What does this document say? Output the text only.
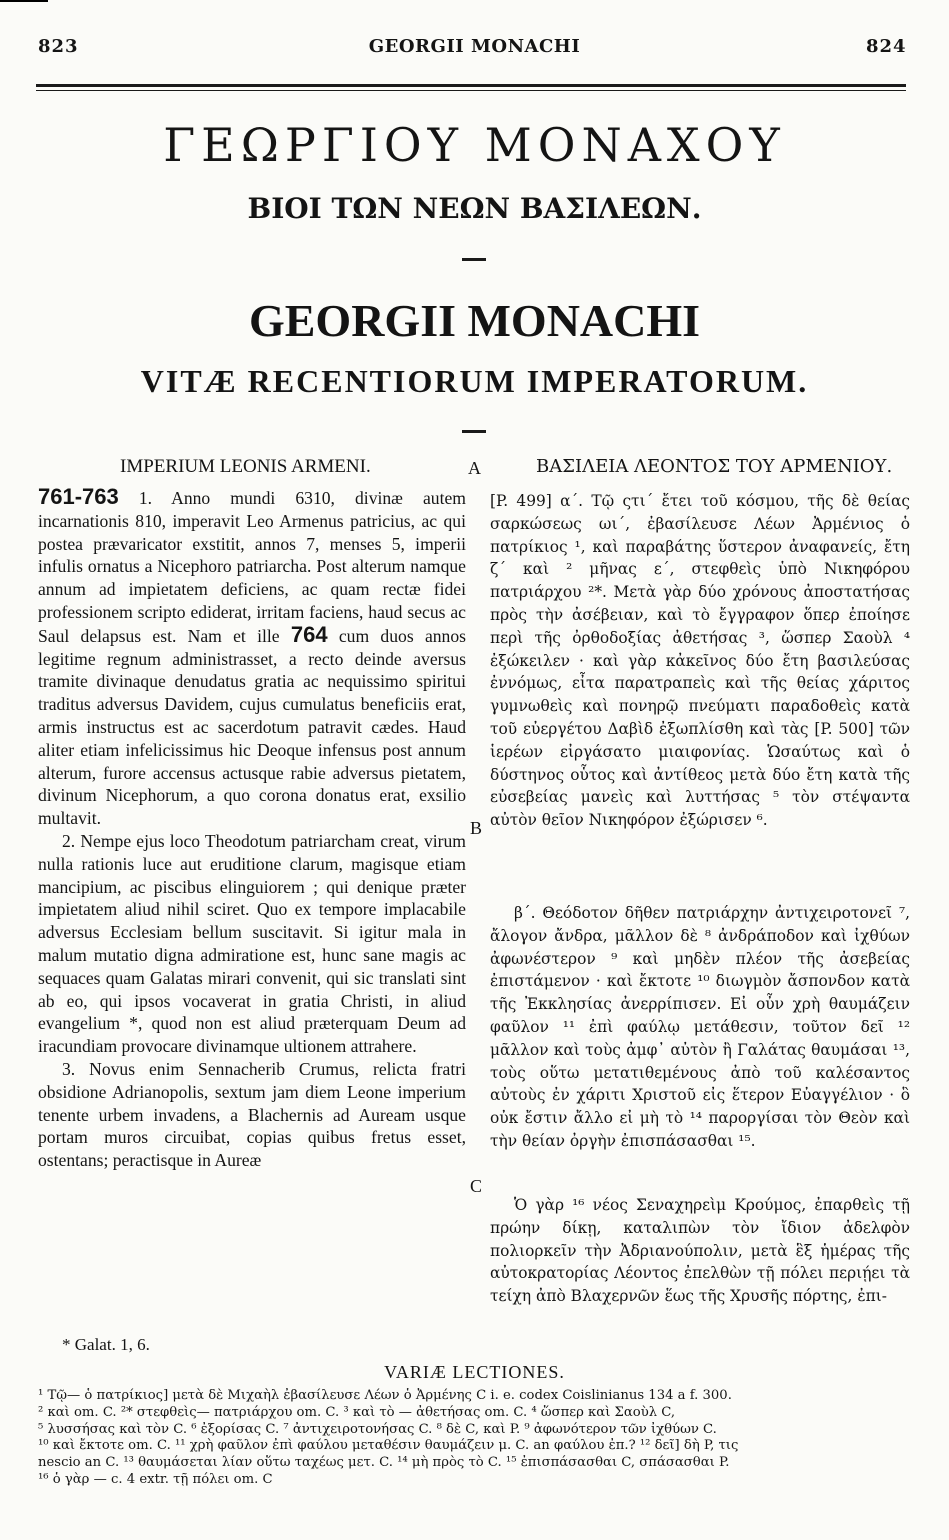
823	GEORGII MONACHI	824
ΓΕΩΡΓΙΟΥ ΜΟΝΑΧΟΥ
ΒΙΟΙ ΤΩΝ ΝΕΩΝ ΒΑΣΙΛΕΩΝ.
GEORGII MONACHI
VITÆ RECENTIORUM IMPERATORUM.
IMPERIUM LEONIS ARMENI.	A	ΒΑΣΙΛΕΙΑ ΛΕΟΝΤΟΣ ΤΟΥ ΑΡΜΕΝΙΟΥ.

761-763 1. Anno mundi 6310, divinæ autem incarnationis 810, imperavit Leo Armenus patricius, ac qui postea prævaricator exstitit, annos 7, menses 5, imperii infulis ornatus a Nicephoro patriarcha. Post alterum namque annum ad impietatem deficiens, ac quam rectæ fidei professionem scripto ediderat, irritam faciens, haud secus ac Saul delapsus est. Nam et ille 764 cum duos annos legitime regnum administrasset, a recto deinde aversus tramite divinaque denudatus gratia ac nequissimo spiritui traditus adversus Davidem, cujus cumulatus beneficiis erat, armis instructus est ac sacerdotum patravit cædes. Haud aliter etiam infelicissimus hic Deoque infensus post annum alterum, furore accensus actusque rabie adversus pietatem, divinum Nicephorum, a quo corona donatus erat, exsilio multavit.

2. Nempe ejus loco Theodotum patriarcham creat, virum nulla rationis luce aut eruditione clarum, magisque etiam mancipium, ac piscibus elinguiorem ; qui denique præter impietatem aliud nihil sciret. Quo ex tempore implacabile adversus Ecclesiam bellum suscitavit. Si igitur mala in malum mutatio digna admiratione est, hunc sane magis ac sequaces quam Galatas mirari convenit, qui sic translati sint ab eo, qui ipsos vocaverat in gratia Christi, in aliud evangelium *, quod non est aliud præterquam Deum ad iracundiam provocare divinamque ultionem attrahere.

3. Novus enim Sennacherib Crumus, relicta fratri obsidione Adrianopolis, sextum jam diem Leone imperium tenente urbem invadens, a Blachernis ad Auream usque portam muros circuibat, copias quibus fretus esset, ostentans; peractisque in Aureæ

B
C

[P. 499] α΄. Τῷ ςτι΄ ἔτει τοῦ κόσμου, τῆς δὲ θείας σαρκώσεως ωι΄, ἐβασίλευσε Λέων Ἀρμένιος ὁ πατρίκιος ¹, καὶ παραβάτης ὕστερον ἀναφανείς, ἔτη ζ΄ καὶ ² μῆνας ε΄, στεφθεὶς ὑπὸ Νικηφόρου πατριάρχου ²*. Μετὰ γὰρ δύο χρόνους ἀποστατήσας πρὸς τὴν ἀσέβειαν, καὶ τὸ ἔγγραφον ὅπερ ἐποίησε περὶ τῆς ὀρθοδοξίας ἀθετήσας ³, ὥσπερ Σαοὺλ ⁴ ἐξώκειλεν · καὶ γὰρ κἀκεῖνος δύο ἔτη βασιλεύσας ἐννόμως, εἶτα παρατραπεὶς καὶ τῆς θείας χάριτος γυμνωθεὶς καὶ πονηρῷ πνεύματι παραδοθεὶς κατὰ τοῦ εὐεργέτου Δαβὶδ ἐξωπλίσθη καὶ τὰς [P. 500] τῶν ἱερέων εἰργάσατο μιαιφονίας. Ὡσαύτως καὶ ὁ δύστηνος οὗτος καὶ ἀντίθεος μετὰ δύο ἔτη κατὰ τῆς εὐσεβείας μανεὶς καὶ λυττήσας ⁵ τὸν στέψαντα αὐτὸν θεῖον Νικηφόρον ἐξώρισεν ⁶.

β΄. Θεόδοτον δῆθεν πατριάρχην ἀντιχειροτονεῖ ⁷, ἄλογον ἄνδρα, μᾶλλον δὲ ⁸ ἀνδράποδον καὶ ἰχθύων ἀφωνέστερον ⁹ καὶ μηδὲν πλέον τῆς ἀσεβείας ἐπιστάμενον · καὶ ἔκτοτε ¹⁰ διωγμὸν ἄσπονδον κατὰ τῆς Ἐκκλησίας ἀνερρίπισεν. Εἰ οὖν χρὴ θαυμάζειν φαῦλον ¹¹ ἐπὶ φαύλῳ μετάθεσιν, τοῦτον δεῖ ¹² μᾶλλον καὶ τοὺς ἀμφ᾽ αὐτὸν ἢ Γαλάτας θαυμάσαι ¹³, τοὺς οὕτω μετατιθεμένους ἀπὸ τοῦ καλέσαντος αὐτοὺς ἐν χάριτι Χριστοῦ εἰς ἕτερον Εὐαγγέλιον · ὃ οὐκ ἔστιν ἄλλο εἰ μὴ τὸ ¹⁴ παροργίσαι τὸν Θεὸν καὶ τὴν θείαν ὀργὴν ἐπισπάσασθαι ¹⁵.

Ὁ γὰρ ¹⁶ νέος Σεναχηρεὶμ Κρούμος, ἐπαρθεὶς τῇ πρώην δίκῃ, καταλιπὼν τὸν ἴδιον ἀδελφὸν πολιορκεῖν τὴν Ἀδριανούπολιν, μετὰ ἓξ ἡμέρας τῆς αὐτοκρατορίας Λέοντος ἐπελθὼν τῇ πόλει περιῄει τὰ τείχη ἀπὸ Βλαχερνῶν ἕως τῆς Χρυσῆς πόρτης, ἐπι-

* Galat. 1, 6.
VARIÆ LECTIONES.

¹ Τῷ— ὁ πατρίκιος] μετὰ δὲ Μιχαὴλ ἐβασίλευσε Λέων ὁ Ἀρμένης C i. e. codex Coislinianus 134 a f. 300.

² καὶ om. C. ²* στεφθεὶς— πατριάρχου om. C. ³ καὶ τὸ — ἀθετήσας om. C. ⁴ ὥσπερ καὶ Σαοὺλ C,

⁵ λυσσήσας καὶ τὸν C. ⁶ ἐξορίσας C. ⁷ ἀντιχειροτονήσας C. ⁸ δὲ C, καὶ P. ⁹ ἀφωνότερον τῶν ἰχθύων C.

¹⁰ καὶ ἔκτοτε om. C. ¹¹ χρὴ φαῦλον ἐπὶ φαύλου μεταθέσιν θαυμάζειν μ. C. an φαύλου ἐπ.? ¹² δεῖ] δὴ P, τις

nescio an C. ¹³ θαυμάσεται λίαν οὕτω ταχέως μετ. C. ¹⁴ μὴ πρὸς τὸ C. ¹⁵ ἐπισπάσασθαι C, σπάσασθαι P.

¹⁶ ὁ γὰρ — c. 4 extr. τῇ πόλει om. C
